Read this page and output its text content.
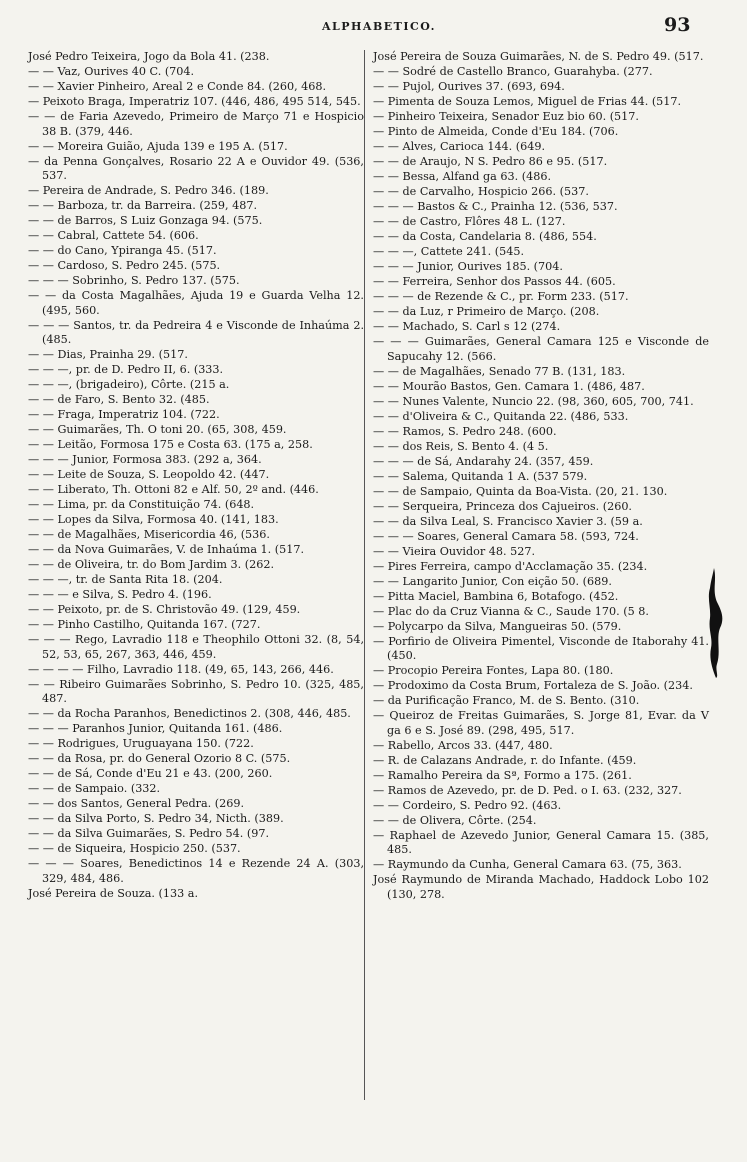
ALPHABETICO.	93
José Pedro Teixeira, Jogo da Bola 41. (238.
— — Vaz, Ourives 40 C. (704.
— — Xavier Pinheiro, Areal 2 e Conde 84. (260, 468.
— Peixoto Braga, Imperatriz 107. (446, 486, 495 514, 545.
— — de Faria Azevedo, Primeiro de Março 71 e Hospicio 38 B. (379, 446.
— — Moreira Guião, Ajuda 139 e 195 A. (517.
— da Penna Gonçalves, Rosario 22 A e Ouvidor 49. (536, 537.
— Pereira de Andrade, S. Pedro 346. (189.
— — Barboza, tr. da Barreira. (259, 487.
— — de Barros, S Luiz Gonzaga 94. (575.
— — Cabral, Cattete 54. (606.
— — do Cano, Ypiranga 45. (517.
— — Cardoso, S. Pedro 245. (575.
— — — Sobrinho, S. Pedro 137. (575.
— — da Costa Magalhães, Ajuda 19 e Guarda Velha 12. (495, 560.
— — — Santos, tr. da Pedreira 4 e Visconde de Inhaúma 2. (485.
— — Dias, Prainha 29. (517.
— — —, pr. de D. Pedro II, 6. (333.
— — —, (brigadeiro), Côrte. (215 a.
— — de Faro, S. Bento 32. (485.
— — Fraga, Imperatriz 104. (722.
— — Guimarães, Th. O toni 20. (65, 308, 459.
— — Leitão, Formosa 175 e Costa 63. (175 a, 258.
— — — Junior, Formosa 383. (292 a, 364.
— — Leite de Souza, S. Leopoldo 42. (447.
— — Liberato, Th. Ottoni 82 e Alf. 50, 2º and. (446.
— — Lima, pr. da Constituição 74. (648.
— — Lopes da Silva, Formosa 40. (141, 183.
— — de Magalhães, Misericordia 46, (536.
— — da Nova Guimarães, V. de Inhaúma 1. (517.
— — de Oliveira, tr. do Bom Jardim 3. (262.
— — —, tr. de Santa Rita 18. (204.
— — — e Silva, S. Pedro 4. (196.
— — Peixoto, pr. de S. Christovão 49. (129, 459.
— — Pinho Castilho, Quitanda 167. (727.
— — — Rego, Lavradio 118 e Theophilo Ottoni 32. (8, 54, 52, 53, 65, 267, 363, 446, 459.
— — — — Filho, Lavradio 118. (49, 65, 143, 266, 446.
— — Ribeiro Guimarães Sobrinho, S. Pedro 10. (325, 485, 487.
— — da Rocha Paranhos, Benedictinos 2. (308, 446, 485.
— — — Paranhos Junior, Quitanda 161. (486.
— — Rodrigues, Uruguayana 150. (722.
— — da Rosa, pr. do General Ozorio 8 C. (575.
— — de Sá, Conde d'Eu 21 e 43. (200, 260.
— — de Sampaio. (332.
— — dos Santos, General Pedra. (269.
— — da Silva Porto, S. Pedro 34, Nicth. (389.
— — da Silva Guimarães, S. Pedro 54. (97.
— — de Siqueira, Hospicio 250. (537.
— — — Soares, Benedictinos 14 e Rezende 24 A. (303, 329, 484, 486.
José Pereira de Souza. (133 a.
José Pereira de Souza Guimarães, N. de S. Pedro 49. (517.
— — Sodré de Castello Branco, Guarahyba. (277.
— — Pujol, Ourives 37. (693, 694.
— Pimenta de Souza Lemos, Miguel de Frias 44. (517.
— Pinheiro Teixeira, Senador Euz bio 60. (517.
— Pinto de Almeida, Conde d'Eu 184. (706.
— — Alves, Carioca 144. (649.
— — de Araujo, N S. Pedro 86 e 95. (517.
— — Bessa, Alfand ga 63. (486.
— — de Carvalho, Hospicio 266. (537.
— — — Bastos & C., Prainha 12. (536, 537.
— — de Castro, Flôres 48 L. (127.
— — da Costa, Candelaria 8. (486, 554.
— — —, Cattete 241. (545.
— — — Junior, Ourives 185. (704.
— — Ferreira, Senhor dos Passos 44. (605.
— — — de Rezende & C., pr. Form 233. (517.
— — da Luz, r Primeiro de Março. (208.
— — Machado, S. Carl s 12 (274.
— — — Guimarães, General Camara 125 e Visconde de Sapucahy 12. (566.
— — de Magalhães, Senado 77 B. (131, 183.
— — Mourão Bastos, Gen. Camara 1. (486, 487.
— — Nunes Valente, Nuncio 22. (98, 360, 605, 700, 741.
— — d'Oliveira & C., Quitanda 22. (486, 533.
— — Ramos, S. Pedro 248. (600.
— — dos Reis, S. Bento 4. (4 5.
— — — de Sá, Andarahy 24. (357, 459.
— — Salema, Quitanda 1 A. (537 579.
— — de Sampaio, Quinta da Boa-Vista. (20, 21. 130.
— — Serqueira, Princeza dos Cajueiros. (260.
— — da Silva Leal, S. Francisco Xavier 3. (59 a.
— — — Soares, General Camara 58. (593, 724.
— — Vieira Ouvidor 48. 527.
— Pires Ferreira, campo d'Acclamação 35. (234.
— — Langarito Junior, Con eição 50. (689.
— Pitta Maciel, Bambina 6, Botafogo. (452.
— Plac do da Cruz Vianna & C., Saude 170. (5 8.
— Polycarpo da Silva, Mangueiras 50. (579.
— Porfirio de Oliveira Pimentel, Visconde de Itaborahy 41. (450.
— Procopio Pereira Fontes, Lapa 80. (180.
— Prodoximo da Costa Brum, Fortaleza de S. João. (234.
— da Purificação Franco, M. de S. Bento. (310.
— Queiroz de Freitas Guimarães, S. Jorge 81, Evar. da V ga 6 e S. José 89. (298, 495, 517.
— Rabello, Arcos 33. (447, 480.
— R. de Calazans Andrade, r. do Infante. (459.
— Ramalho Pereira da Sª, Formo a 175. (261.
— Ramos de Azevedo, pr. de D. Ped. o I. 63. (232, 327.
— — Cordeiro, S. Pedro 92. (463.
— — de Olivera, Côrte. (254.
— Raphael de Azevedo Junior, General Camara 15. (385, 485.
— Raymundo da Cunha, General Camara 63. (75, 363.
José Raymundo de Miranda Machado, Haddock Lobo 102 (130, 278.
